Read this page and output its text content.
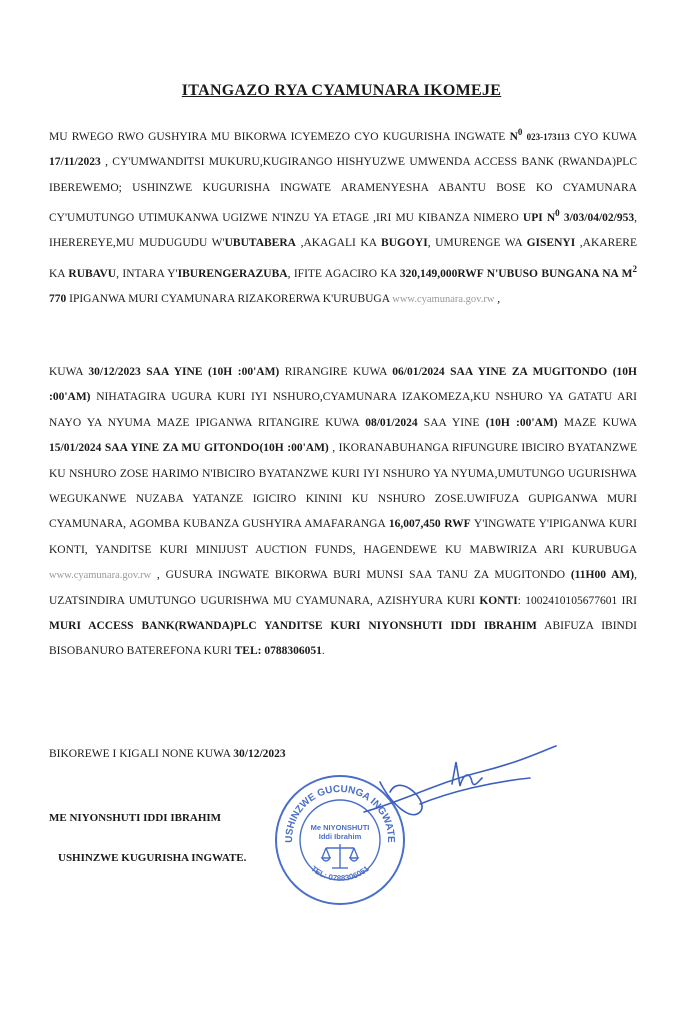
ITANGAZO RYA CYAMUNARA IKOMEJE
MU RWEGO RWO GUSHYIRA MU BIKORWA ICYEMEZO CYO KUGURISHA INGWATE $N^0$ 023-173113 CYO KUWA 17/11/2023 , CY'UMWANDITSI MUKURU,KUGIRANGO HISHYUZWE UMWENDA ACCESS BANK (RWANDA)PLC IBEREWEMO; USHINZWE KUGURISHA INGWATE ARAMENYESHA ABANTU BOSE KO CYAMUNARA CY'UMUTUNGO UTIMUKANWA UGIZWE N'INZU YA ETAGE ,IRI MU KIBANZA NIMERO UPI $N^0$ 3/03/04/02/953, IHEREREYE,MU MUDUGUDU W'UBUTABERA ,AKAGALI KA BUGOYI, UMURENGE WA GISENYI ,AKARERE KA RUBAVU, INTARA Y'IBURENGERAZUBA, IFITE AGACIRO KA 320,149,000RWF N'UBUSO BUNGANA NA $M^2$ 770 IPIGANWA MURI CYAMUNARA RIZAKORERWA K'URUBUGA www.cyamunara.gov.rw ,
KUWA 30/12/2023 SAA YINE (10H :00'AM) RIRANGIRE KUWA 06/01/2024 SAA YINE ZA MUGITONDO (10H :00'AM) NIHATAGIRA UGURA KURI IYI NSHURO,CYAMUNARA IZAKOMEZA,KU NSHURO YA GATATU ARI NAYO YA NYUMA MAZE IPIGANWA RITANGIRE KUWA 08/01/2024 SAA YINE (10H :00'AM) MAZE KUWA 15/01/2024 SAA YINE ZA MU GITONDO(10H :00'AM) , IKORANABUHANGA RIFUNGURE IBICIRO BYATANZWE KU NSHURO ZOSE HARIMO N'IBICIRO BYATANZWE KURI IYI NSHURO YA NYUMA,UMUTUNGO UGURISHWA WEGUKANWE NUZABA YATANZE IGICIRO KININI KU NSHURO ZOSE.UWIFUZA GUPIGANWA MURI CYAMUNARA, AGOMBA KUBANZA GUSHYIRA AMAFARANGA 16,007,450 RWF Y'INGWATE Y'IPIGANWA KURI KONTI, YANDITSE KURI MINIJUST AUCTION FUNDS, HAGENDEWE KU MABWIRIZA ARI KURUBUGA www.cyamunara.gov.rw , GUSURA INGWATE BIKORWA BURI MUNSI SAA TANU ZA MUGITONDO (11H00 AM), UZATSINDIRA UMUTUNGO UGURISHWA MU CYAMUNARA, AZISHYURA KURI KONTI: 1002410105677601 IRI MURI ACCESS BANK(RWANDA)PLC YANDITSE KURI NIYONSHUTI IDDI IBRAHIM ABIFUZA IBINDI BISOBANURO BATEREFONA KURI TEL: 0788306051.
BIKOREWE I KIGALI NONE KUWA 30/12/2023
ME NIYONSHUTI IDDI IBRAHIM
USHINZWE KUGURISHA INGWATE.
USHINZWE GUCUNGA INGWATE
TEL: 0788306051
Me NIYONSHUTI
Iddi Ibrahim
